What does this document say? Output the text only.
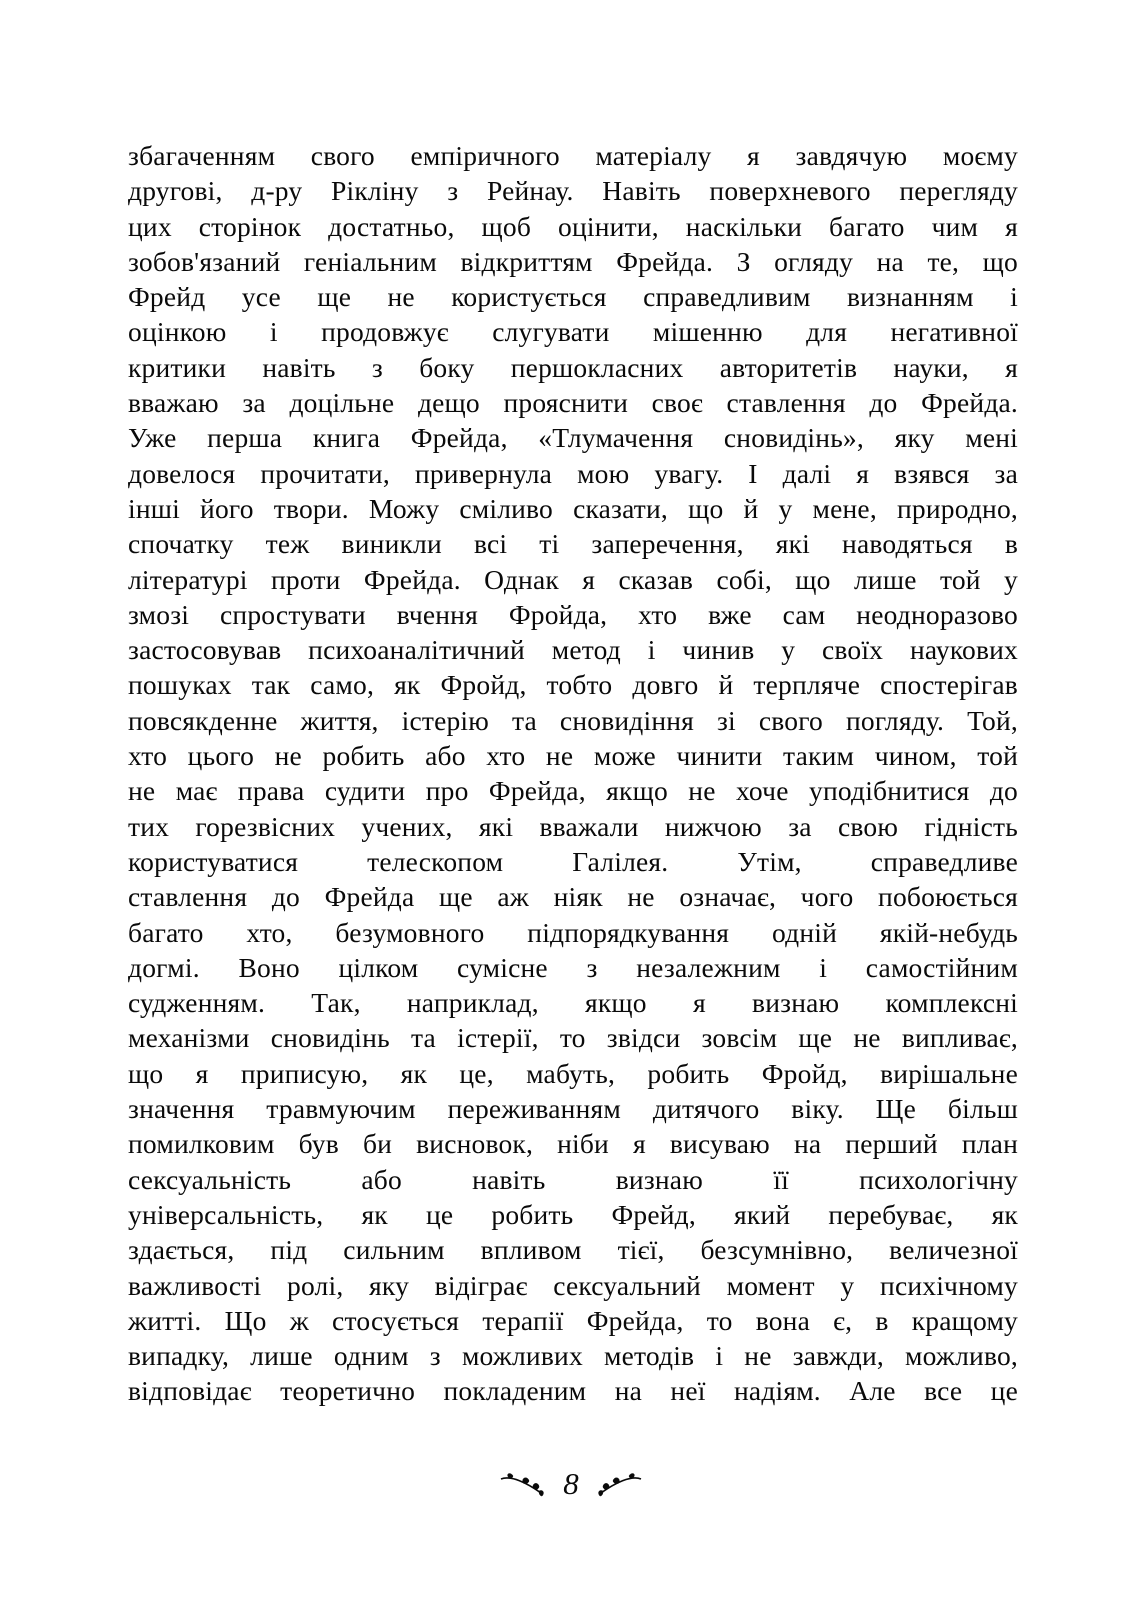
збагаченням свого емпіричного матеріалу я завдячую моєму
другові, д-ру Рікліну з Рейнау. Навіть поверхневого перегляду
цих сторінок достатньо, щоб оцінити, наскільки багато чим я
зобов'язаний геніальним відкриттям Фрейда. З огляду на те, що
Фрейд усе ще не користується справедливим визнанням і
оцінкою і продовжує слугувати мішенню для негативної
критики навіть з боку першокласних авторитетів науки, я
вважаю за доцільне дещо прояснити своє ставлення до Фрейда.
Уже перша книга Фрейда, «Тлумачення сновидінь», яку мені
довелося прочитати, привернула мою увагу. І далі я взявся за
інші його твори. Можу сміливо сказати, що й у мене, природно,
спочатку теж виникли всі ті заперечення, які наводяться в
літературі проти Фрейда. Однак я сказав собі, що лише той у
змозі спростувати вчення Фройда, хто вже сам неодноразово
застосовував психоаналітичний метод і чинив у своїх наукових
пошуках так само, як Фройд, тобто довго й терпляче спостерігав
повсякденне життя, істерію та сновидіння зі свого погляду. Той,
хто цього не робить або хто не може чинити таким чином, той
не має права судити про Фрейда, якщо не хоче уподібнитися до
тих горезвісних учених, які вважали нижчою за свою гідність
користуватися телескопом Галілея. Утім, справедливе
ставлення до Фрейда ще аж ніяк не означає, чого побоюється
багато хто, безумовного підпорядкування одній якій-небудь
догмі. Воно цілком сумісне з незалежним і самостійним
судженням. Так, наприклад, якщо я визнаю комплексні
механізми сновидінь та істерії, то звідси зовсім ще не випливає,
що я приписую, як це, мабуть, робить Фройд, вирішальне
значення травмуючим переживанням дитячого віку. Ще більш
помилковим був би висновок, ніби я висуваю на перший план
сексуальність або навіть визнаю її психологічну
універсальність, як це робить Фрейд, який перебуває, як
здається, під сильним впливом тієї, безсумнівно, величезної
важливості ролі, яку відіграє сексуальний момент у психічному
житті. Що ж стосується терапії Фрейда, то вона є, в кращому
випадку, лише одним з можливих методів і не завжди, можливо,
відповідає теоретично покладеним на неї надіям. Але все це
8
